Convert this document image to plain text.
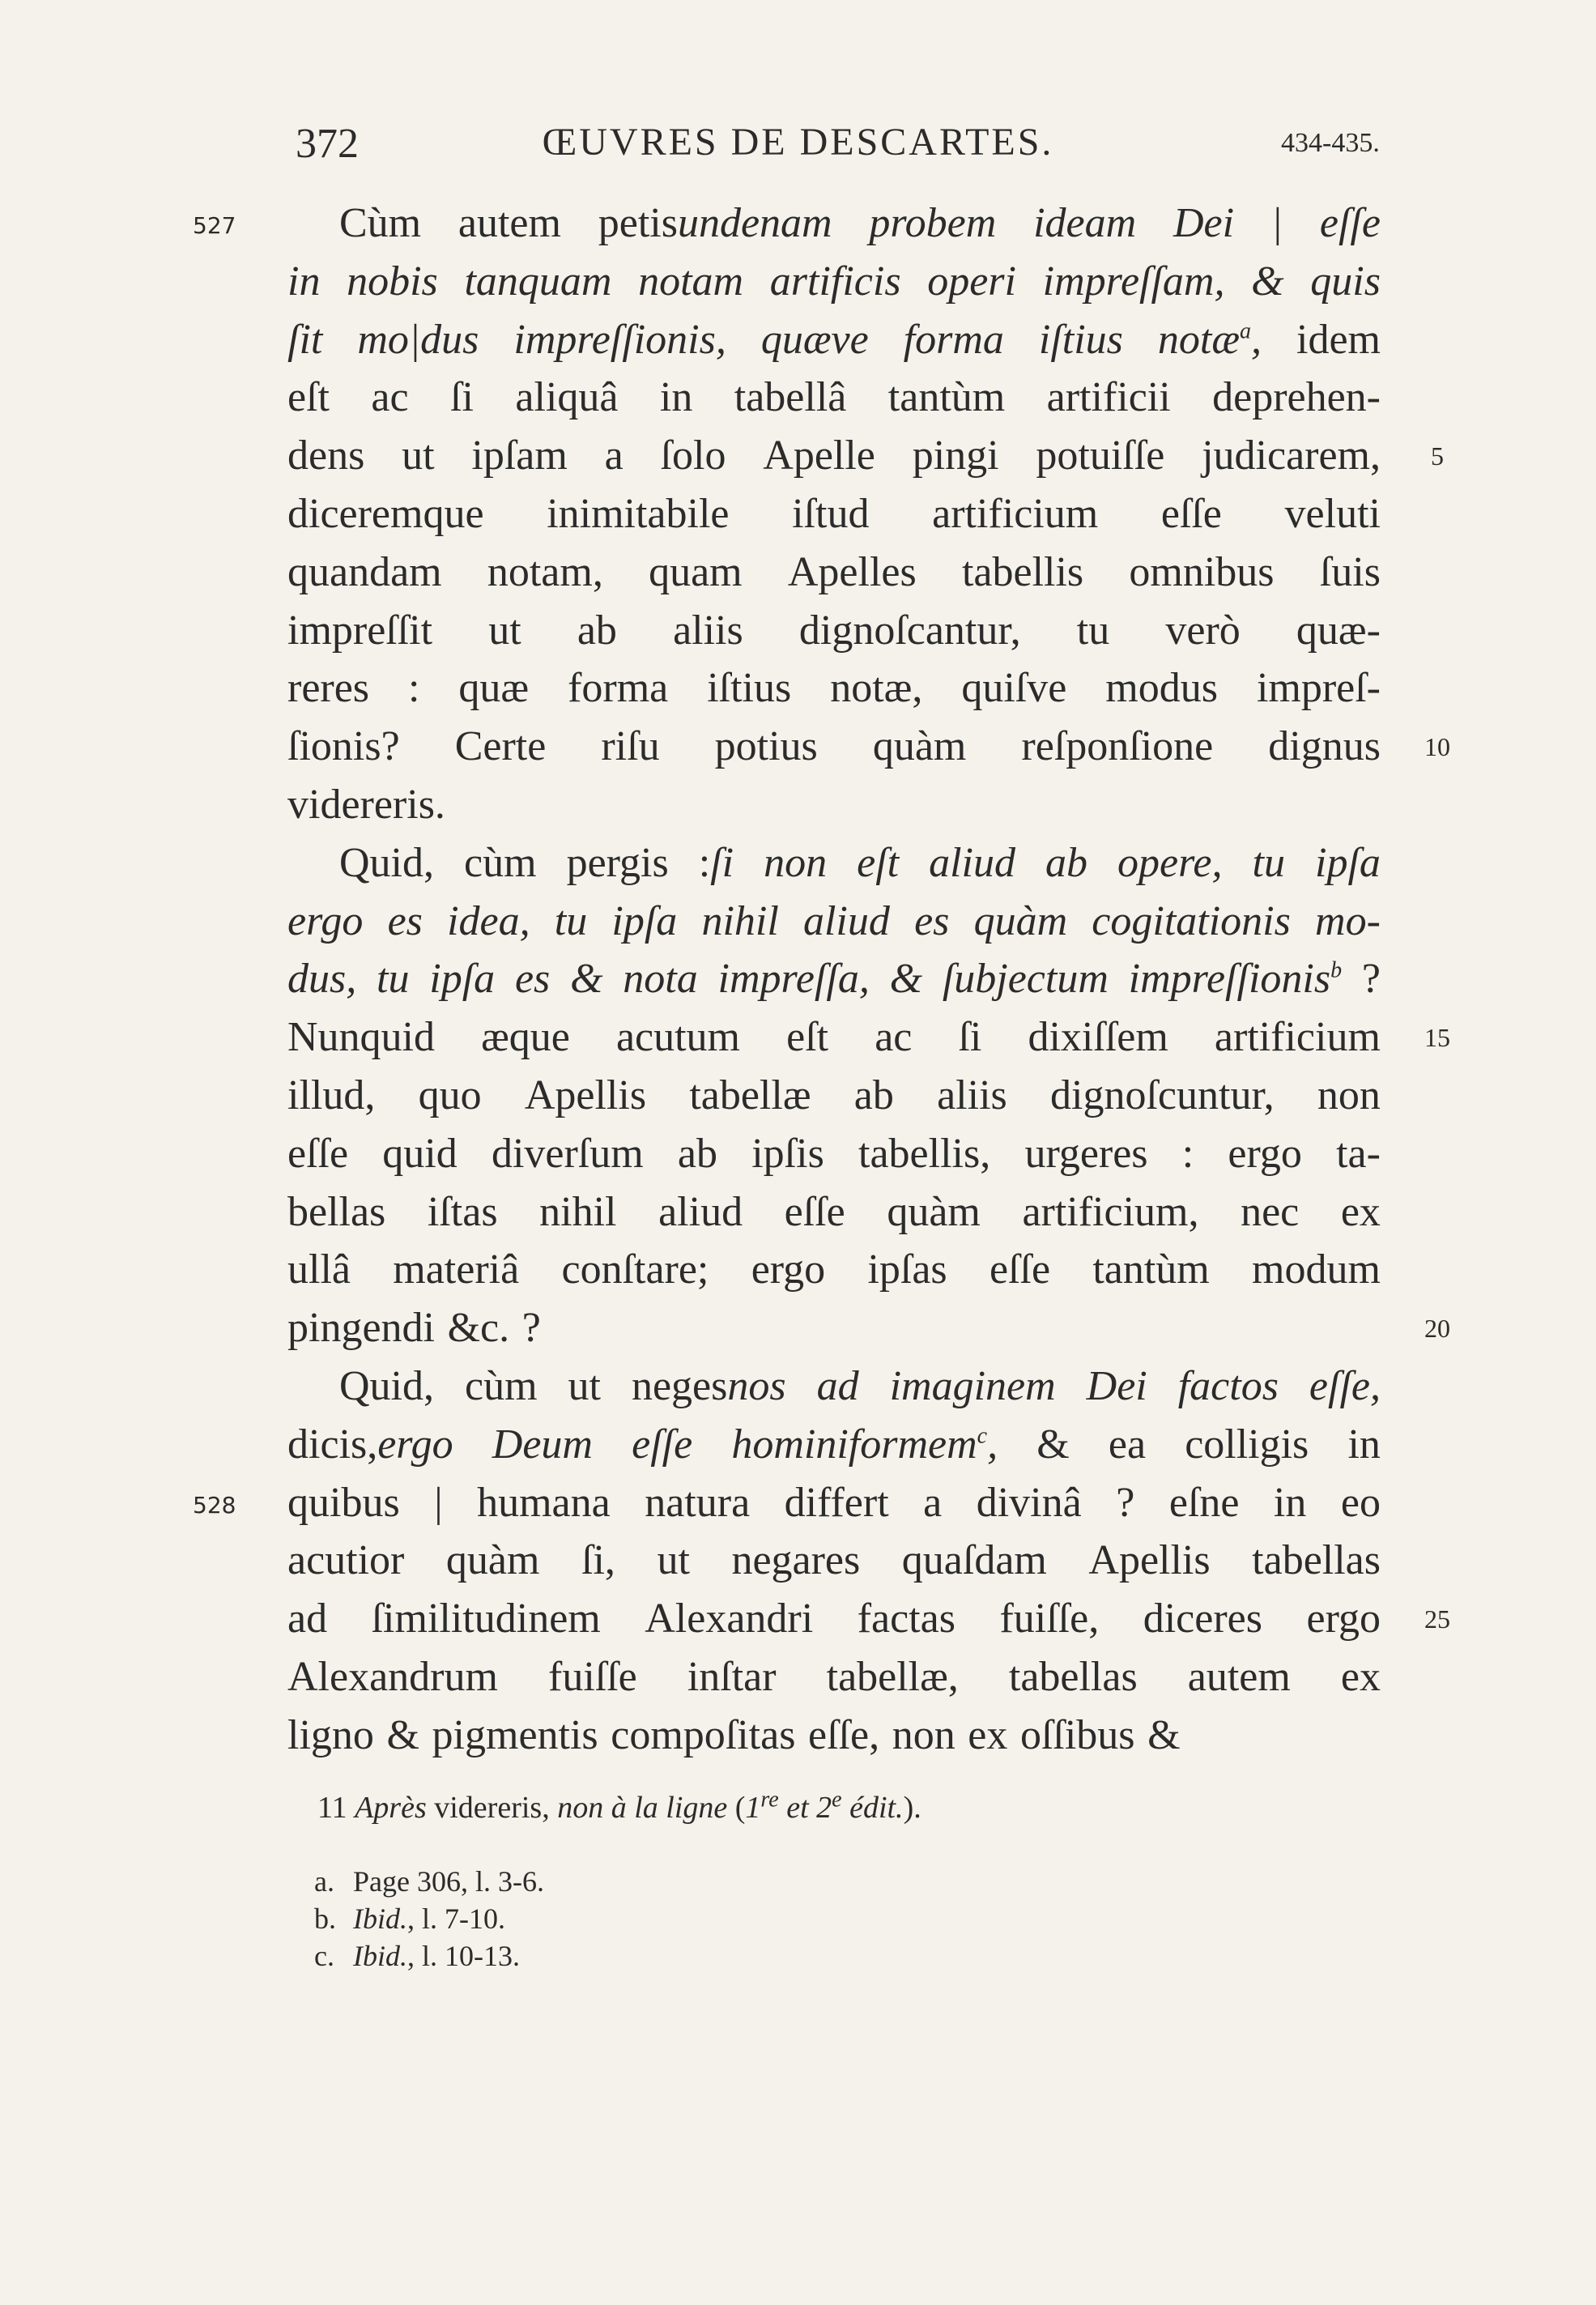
372	ŒUVRES DE DESCARTES.	434-435.
Cùm autem petisundenam probem ideam Dei | eſſe
in nobis tanquam notam artificis operi impreſſam, & quis
ſit mo|dus impreſſionis, quæve forma iſtius notæ$^a$, idem
eſt ac ſi aliquâ in tabellâ tantùm artificii deprehen-
dens ut ipſam a ſolo Apelle pingi potuiſſe judicarem,
diceremque inimitabile iſtud artificium eſſe veluti
quandam notam, quam Apelles tabellis omnibus ſuis
impreſſit ut ab aliis dignoſcantur, tu verò quæ-
reres : quæ forma iſtius notæ, quiſve modus impreſ-
ſionis? Certe riſu potius quàm reſponſione dignus
videreris.
Quid, cùm pergis :ſi non eſt aliud ab opere, tu ipſa
ergo es idea, tu ipſa nihil aliud es quàm cogitationis mo-
dus, tu ipſa es & nota impreſſa, & ſubjectum impreſſionis$^b$ ?
Nunquid æque acutum eſt ac ſi dixiſſem artificium
illud, quo Apellis tabellæ ab aliis dignoſcuntur, non
eſſe quid diverſum ab ipſis tabellis, urgeres : ergo ta-
bellas iſtas nihil aliud eſſe quàm artificium, nec ex
ullâ materiâ conſtare; ergo ipſas eſſe tantùm modum
pingendi &c. ?
Quid, cùm ut negesnos ad imaginem Dei factos eſſe,
dicis,ergo Deum eſſe hominiformem$^c$, & ea colligis in
quibus | humana natura differt a divinâ ? eſne in eo
acutior quàm ſi, ut negares quaſdam Apellis tabellas
ad ſimilitudinem Alexandri factas fuiſſe, diceres ergo
Alexandrum fuiſſe inſtar tabellæ, tabellas autem ex
ligno & pigmentis compoſitas eſſe, non ex oſſibus &
527
528
5
10
15
20
25
11 Après videreris, non à la ligne (1re et 2e édit.).
a. Page 306, l. 3-6.
b. Ibid., l. 7-10.
c. Ibid., l. 10-13.
